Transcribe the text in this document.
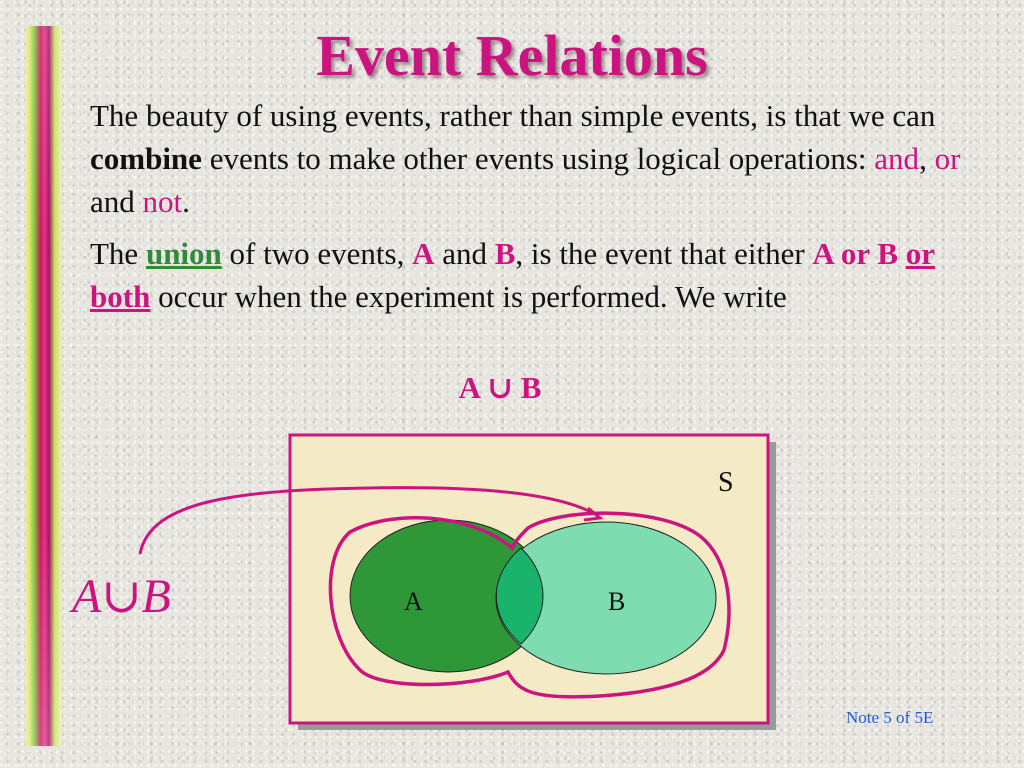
Event Relations

The beauty of using events, rather than simple events, is that we can combine events to make other events using logical operations: and, or and not.

The union of two events, A and B, is the event that either A or B or both occur when the experiment is performed. We write

A ∪ B
S
A	B
A∪B
Note 5 of 5E
